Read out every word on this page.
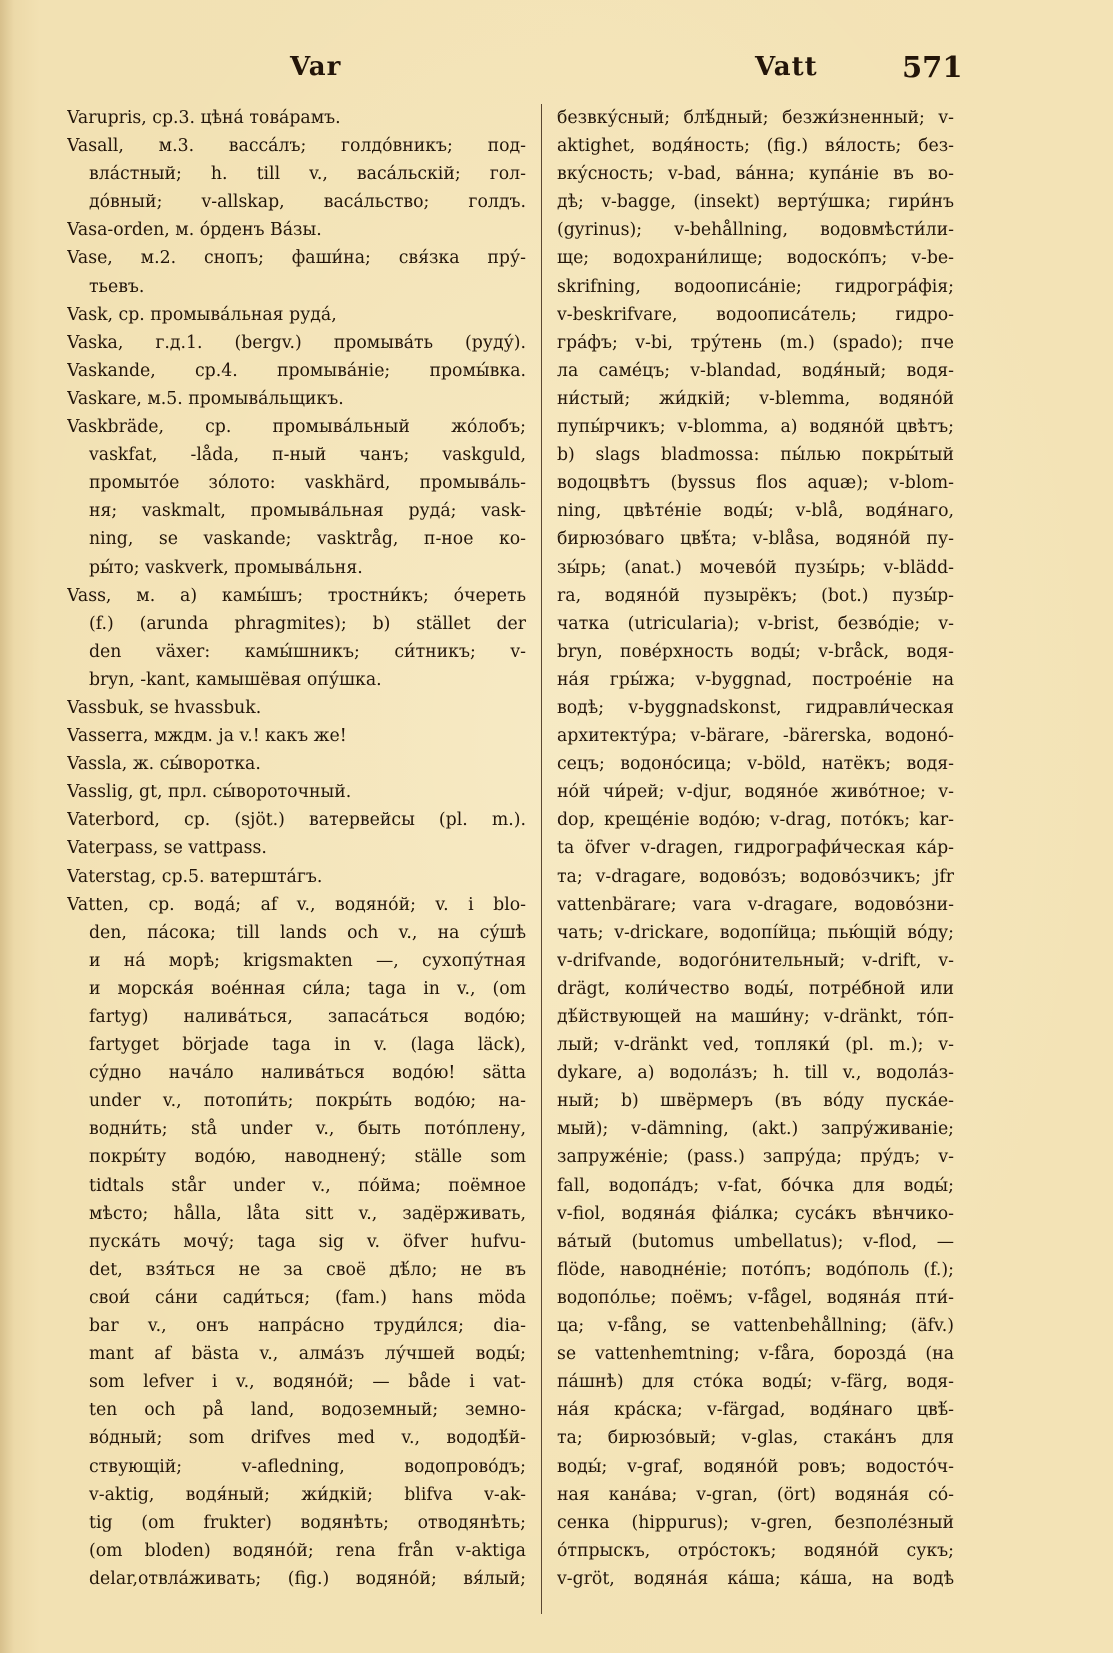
Var	Vatt	571
Varupris, ср.3. цѣна́ това́рамъ.
Vasall, м.3. васса́лъ; голдо́вникъ; под-
вла́стный; h. till v., васа́льскій; гол-
до́вный; v-allskap, васа́льство; голдъ.
Vasa-orden, м. о́рденъ Ва́зы.
Vase, м.2. снопъ; фаши́на; свя́зка пру́-
тьевъ.
Vask, ср. промыва́льная руда́,
Vaska, г.д.1. (bergv.) промыва́ть (руду́).
Vaskande, ср.4. промыва́ніе; промы́вка.
Vaskare, м.5. промыва́льщикъ.
Vaskbräde, ср. промыва́льный жо́лобъ;
vaskfat, -låda, п-ный чанъ; vaskguld,
промыто́е зо́лото: vaskhärd, промыва́ль-
ня; vaskmalt, промыва́льная руда́; vask-
ning, se vaskande; vasktråg, п-ное ко-
ры́то; vaskverk, промыва́льня.
Vass, м. a) камы́шъ; тростни́къ; о́череть
(f.) (arunda phragmites); b) stället der
den växer: камы́шникъ; си́тникъ; v-
bryn, -kant, камышёвая опу́шка.
Vassbuk, se hvassbuk.
Vasserra, мждм. ja v.! какъ же!
Vassla, ж. сы́воротка.
Vasslig, gt, прл. сы́вороточный.
Vaterbord, ср. (sjöt.) ватервейсы (pl. m.).
Vaterpass, se vattpass.
Vaterstag, ср.5. ватершта́гъ.
Vatten, ср. вода́; af v., водяно́й; v. i blo-
den, па́сока; till lands och v., на су́шѣ
и на́ морѣ; krigsmakten —, сухопу́тная
и морска́я вое́нная си́ла; taga in v., (om
fartyg) налива́ться, запаса́ться водо́ю;
fartyget började taga in v. (laga läck),
су́дно нача́ло налива́ться водо́ю! sätta
under v., потопи́ть; покры́ть водо́ю; на-
водни́ть; stå under v., быть пото́плену,
покры́ту водо́ю, наводнену́; ställe som
tidtals står under v., по́йма; поёмное
мѣсто; hålla, låta sitt v., задёрживать,
пуска́ть мочу́; taga sig v. öfver hufvu-
det, взя́ться не за своё дѣ́ло; не въ
свои́ са́ни сади́ться; (fam.) hans möda
bar v., онъ напра́сно труди́лся; dia-
mant af bästa v., алма́зъ лу́чшей воды́;
som lefver i v., водяно́й; — både i vat-
ten och på land, водоземный; земно-
во́дный; som drifves med v., вододѣ́й-
ствующій; v-afledning, водопрово́дъ;
v-aktig, водя́ный; жи́дкій; blifva v-ak-
tig (om frukter) водянѣть; отводянѣть;
(om bloden) водяно́й; rena från v-aktiga
delar,отвла́живать; (fig.) водяно́й; вя́лый;
безвку́сный; блѣ́дный; безжи́зненный; v-
aktighet, водя́ность; (fig.) вя́лость; без-
вку́сность; v-bad, ва́нна; купа́ніе въ во-
дѣ; v-bagge, (insekt) верту́шка; гири́нъ
(gyrinus); v-behållning, водовмѣсти́ли-
ще; водохрани́лище; водоско́пъ; v-be-
skrifning, водоописа́ніе; гидрогра́фія;
v-beskrifvare, водоописа́тель; гидро-
гра́фъ; v-bi, тру́тень (m.) (spado); пче
ла саме́цъ; v-blandad, водя́ный; водя-
ни́стый; жи́дкій; v-blemma, водяно́й
пупы́рчикъ; v-blomma, a) водяно́й цвѣтъ;
b) slags bladmossa: пы́лью покры́тый
водоцвѣтъ (byssus flos aquæ); v-blom-
ning, цвѣте́ніе воды́; v-blå, водя́наго,
бирюзо́ваго цвѣ́та; v-blåsa, водяно́й пу-
зы́рь; (anat.) мочево́й пузы́рь; v-blädd-
ra, водяно́й пузырёкъ; (bot.) пузы́р-
чатка (utricularia); v-brist, безво́діе; v-
bryn, пове́рхность воды́; v-bråck, водя-
на́я гры́жа; v-byggnad, построе́ніе на
водѣ; v-byggnadskonst, гидравли́ческая
архитекту́ра; v-bärare, -bärerska, водоно́-
сецъ; водоно́сица; v-böld, натёкъ; водя-
но́й чи́рей; v-djur, водяно́е живо́тное; v-
dop, креще́ніе водо́ю; v-drag, пото́къ; kar-
ta öfver v-dragen, гидрографи́ческая ка́р-
та; v-dragare, водово́зъ; водово́зчикъ; jfr
vattenbärare; vara v-dragare, водово́зни-
чать; v-drickare, водопі́йца; пью́щій во́ду;
v-drifvande, водого́нительный; v-drift, v-
drägt, коли́чество воды́, потре́бной или
дѣ́йствующей на маши́ну; v-dränkt, то́п-
лый; v-dränkt ved, топляки́ (pl. m.); v-
dykare, a) водола́зъ; h. till v., водола́з-
ный; b) швёрмеръ (въ во́ду пуска́е-
мый); v-dämning, (akt.) запру́живаніе;
запруже́ніе; (pass.) запру́да; пру́дъ; v-
fall, водопа́дъ; v-fat, бо́чка для воды́;
v-fiol, водяна́я фіа́лка; суса́къ вѣнчико-
ва́тый (butomus umbellatus); v-flod, —
flöde, наводне́ніе; пото́пъ; водо́поль (f.);
водопо́лье; поёмъ; v-fågel, водяна́я пти́-
ца; v-fång, se vattenbehållning; (äfv.)
se vattenhemtning; v-fåra, борозда́ (на
па́шнѣ) для сто́ка воды́; v-färg, водя-
на́я кра́ска; v-färgad, водя́наго цвѣ́-
та; бирюзо́вый; v-glas, стака́нъ для
воды́; v-graf, водяно́й ровъ; водосто́ч-
ная кана́ва; v-gran, (ört) водяна́я со́-
сенка (hippurus); v-gren, безполе́зный
о́тпрыскъ, отро́стокъ; водяно́й сукъ;
v-gröt, водяна́я ка́ша; ка́ша, на водѣ
